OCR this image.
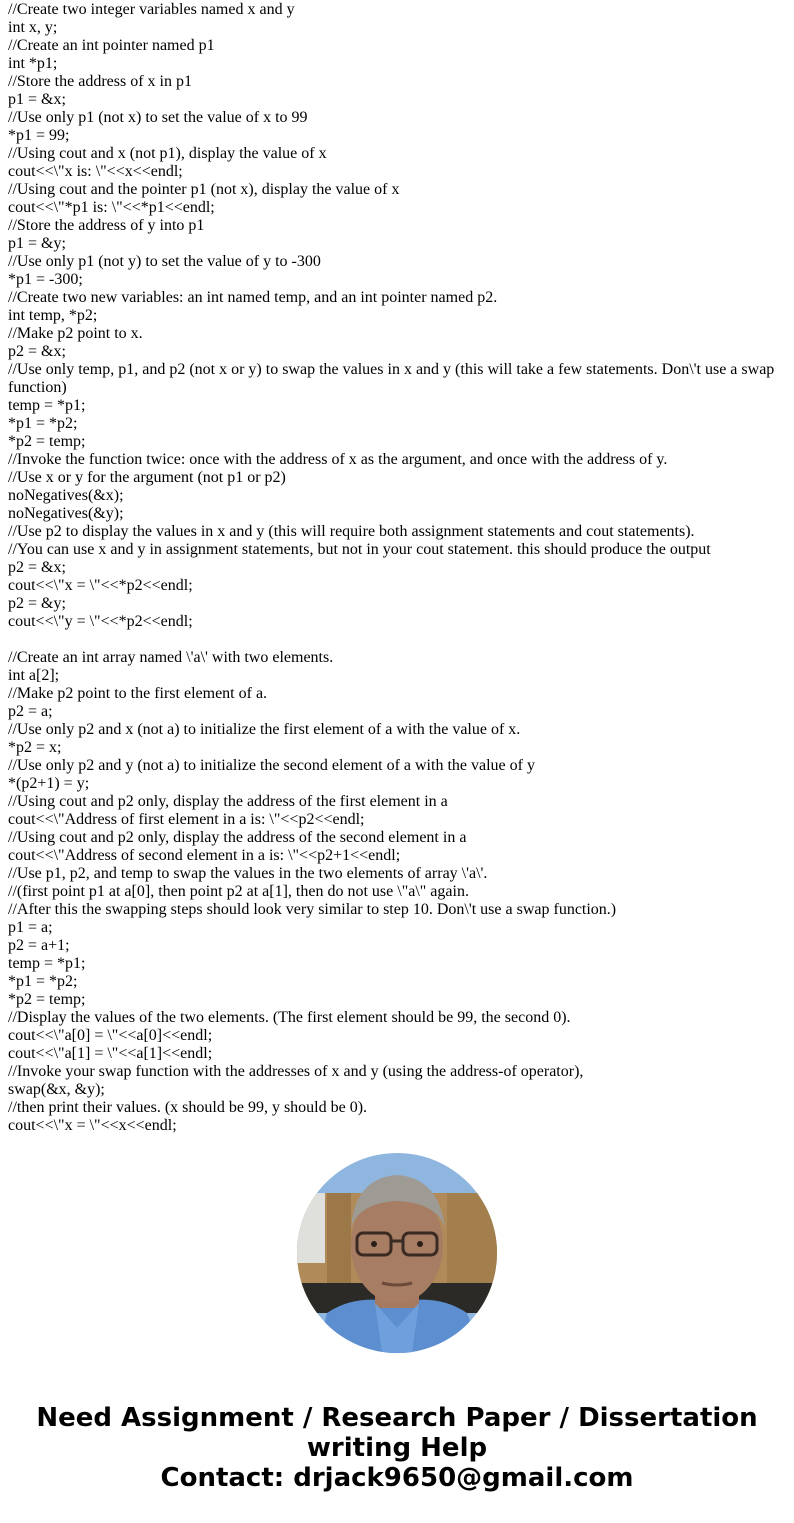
//Create two integer variables named x and y
int x, y;
//Create an int pointer named p1
int *p1;
//Store the address of x in p1
p1 = &x;
//Use only p1 (not x) to set the value of x to 99
*p1 = 99;
//Using cout and x (not p1), display the value of x
cout<<\"x is: \"<<x<<endl;
//Using cout and the pointer p1 (not x), display the value of x
cout<<\"*p1 is: \"<<*p1<<endl;
//Store the address of y into p1
p1 = &y;
//Use only p1 (not y) to set the value of y to -300
*p1 = -300;
//Create two new variables: an int named temp, and an int pointer named p2.
int temp, *p2;
//Make p2 point to x.
p2 = &x;
//Use only temp, p1, and p2 (not x or y) to swap the values in x and y (this will take a few statements. Don\'t use a swap function)
temp = *p1;
*p1 = *p2;
*p2 = temp;
//Invoke the function twice: once with the address of x as the argument, and once with the address of y.
//Use x or y for the argument (not p1 or p2)
noNegatives(&x);
noNegatives(&y);
//Use p2 to display the values in x and y (this will require both assignment statements and cout statements).
//You can use x and y in assignment statements, but not in your cout statement. this should produce the output
p2 = &x;
cout<<\"x = \"<<*p2<<endl;
p2 = &y;
cout<<\"y = \"<<*p2<<endl;
//Create an int array named \'a\' with two elements.
int a[2];
//Make p2 point to the first element of a.
p2 = a;
//Use only p2 and x (not a) to initialize the first element of a with the value of x.
*p2 = x;
//Use only p2 and y (not a) to initialize the second element of a with the value of y
*(p2+1) = y;
//Using cout and p2 only, display the address of the first element in a
cout<<\"Address of first element in a is: \"<<p2<<endl;
//Using cout and p2 only, display the address of the second element in a
cout<<\"Address of second element in a is: \"<<p2+1<<endl;
//Use p1, p2, and temp to swap the values in the two elements of array \'a\'.
//(first point p1 at a[0], then point p2 at a[1], then do not use \"a\" again.
//After this the swapping steps should look very similar to step 10. Don\'t use a swap function.)
p1 = a;
p2 = a+1;
temp = *p1;
*p1 = *p2;
*p2 = temp;
//Display the values of the two elements. (The first element should be 99, the second 0).
cout<<\"a[0] = \"<<a[0]<<endl;
cout<<\"a[1] = \"<<a[1]<<endl;
//Invoke your swap function with the addresses of x and y (using the address-of operator),
swap(&x, &y);
//then print their values. (x should be 99, y should be 0).
cout<<\"x = \"<<x<<endl;
Need Assignment / Research Paper / Dissertation
writing Help
Contact: drjack9650@gmail.com
